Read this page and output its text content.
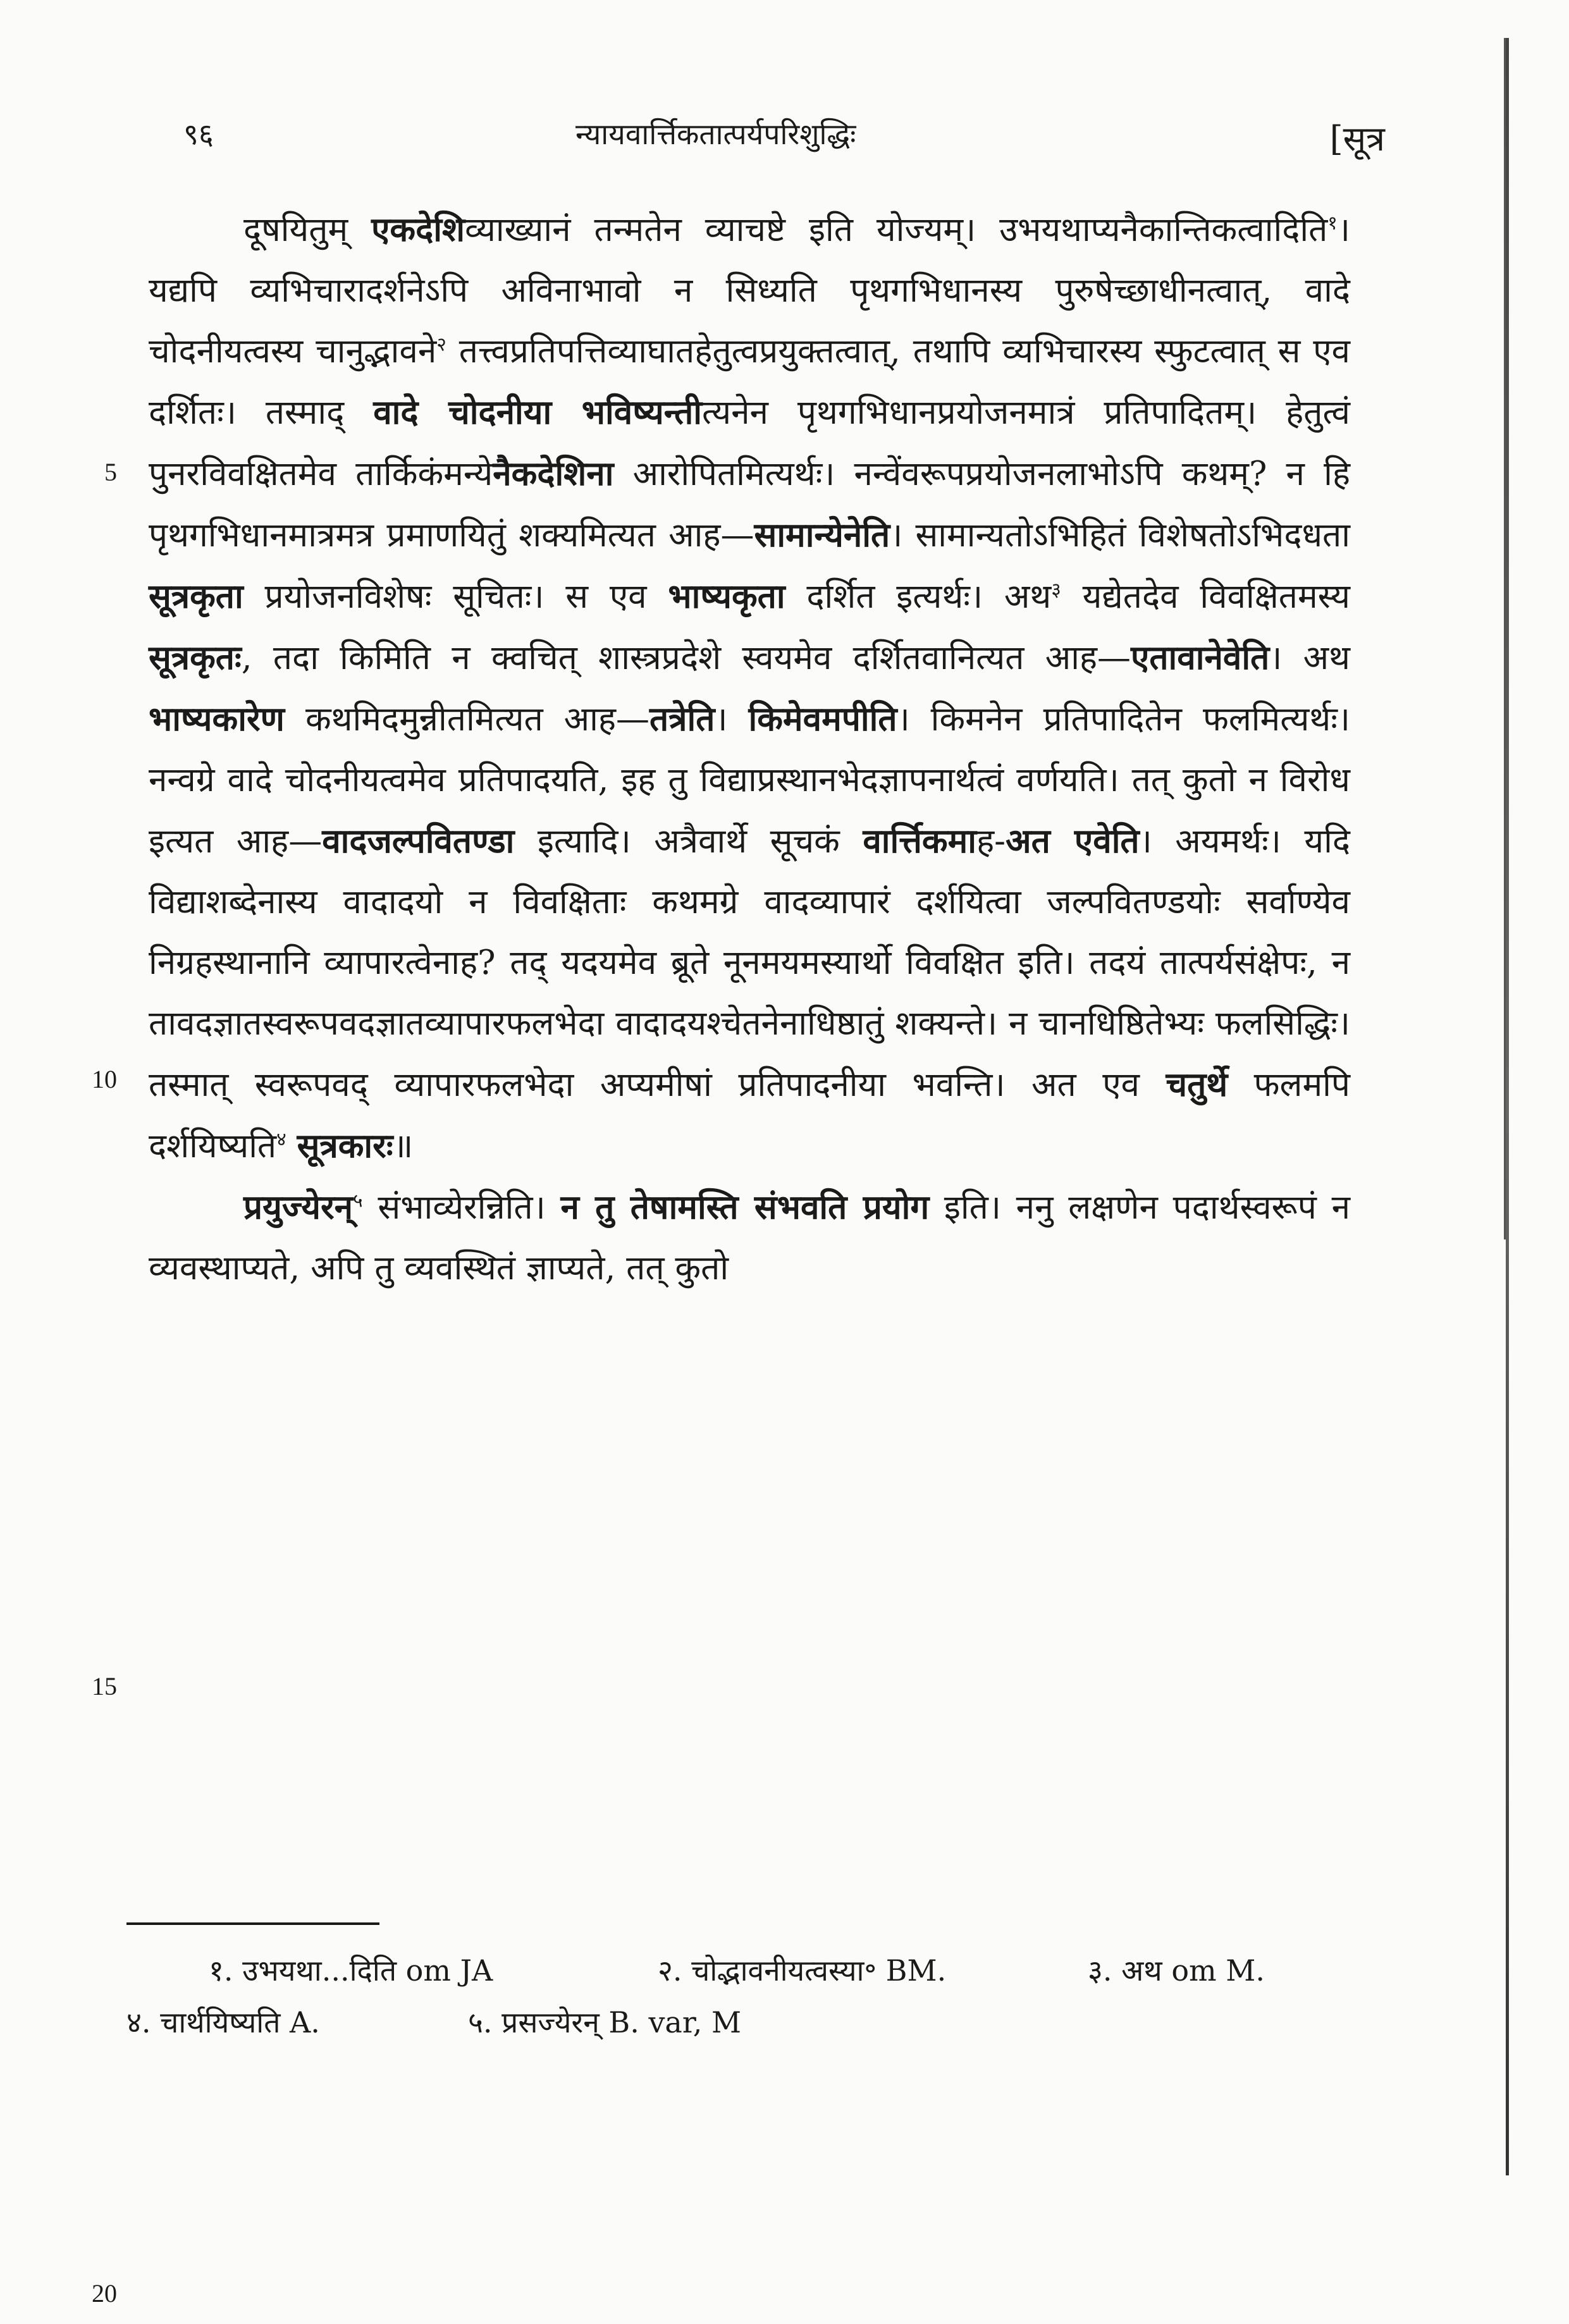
९६	न्यायवार्त्तिकतात्पर्यपरिशुद्धिः	[सूत्र
5
10
15
20

दूषयितुम् एकदेशिव्याख्यानं तन्मतेन व्याचष्टे इति योज्यम्। उभयथाप्यनैकान्तिकत्वादिति$^१$। यद्यपि व्यभिचारादर्शनेऽपि अविनाभावो न सिध्यति पृथगभिधानस्य पुरुषेच्छाधीनत्वात्, वादे चोदनीयत्वस्य चानुद्भावने$^२$ तत्त्वप्रतिपत्तिव्याघातहेतुत्वप्रयुक्तत्वात्, तथापि व्यभिचारस्य स्फुटत्वात् स एव दर्शितः। तस्माद् वादे चोदनीया भविष्यन्तीत्यनेन पृथगभिधानप्रयोजनमात्रं प्रतिपादितम्। हेतुत्वं पुनरविवक्षितमेव तार्किकंमन्येनैकदेशिना आरोपितमित्यर्थः। नन्वेंवरूपप्रयोजनलाभोऽपि कथम्? न हि पृथगभिधानमात्रमत्र प्रमाणयितुं शक्यमित्यत आह—सामान्येनेति। सामान्यतोऽभिहितं विशेषतोऽभिदधता सूत्रकृता प्रयोजनविशेषः सूचितः। स एव भाष्यकृता दर्शित इत्यर्थः। अथ$^३$ यद्येतदेव विवक्षितमस्य सूत्रकृतः, तदा किमिति न क्वचित् शास्त्रप्रदेशे स्वयमेव दर्शितवानित्यत आह—एतावानेवेति। अथ भाष्यकारेण कथमिदमुन्नीतमित्यत आह—तत्रेति। किमेवमपीति। किमनेन प्रतिपादितेन फलमित्यर्थः। नन्वग्रे वादे चोदनीयत्वमेव प्रतिपादयति, इह तु विद्याप्रस्थानभेदज्ञापनार्थत्वं वर्णयति। तत् कुतो न विरोध इत्यत आह—वादजल्पवितण्डा इत्यादि। अत्रैवार्थे सूचकं वार्त्तिकमाह-अत एवेति। अयमर्थः। यदि विद्याशब्देनास्य वादादयो न विवक्षिताः कथमग्रे वादव्यापारं दर्शयित्वा जल्पवितण्डयोः सर्वाण्येव निग्रहस्थानानि व्यापारत्वेनाह? तद् यदयमेव ब्रूते नूनमयमस्यार्थो विवक्षित इति। तदयं तात्पर्यसंक्षेपः, न तावदज्ञातस्वरूपवदज्ञातव्यापारफलभेदा वादादयश्चेतनेनाधिष्ठातुं शक्यन्ते। न चानधिष्ठितेभ्यः फलसिद्धिः। तस्मात् स्वरूपवद् व्यापारफलभेदा अप्यमीषां प्रतिपादनीया भवन्ति। अत एव चतुर्थे फलमपि दर्शयिष्यति$^४$ सूत्रकारः॥

प्रयुज्येरन्$^५$ संभाव्येरन्निति। न तु तेषामस्ति संभवति प्रयोग इति। ननु लक्षणेन पदार्थस्वरूपं न व्यवस्थाप्यते, अपि तु व्यवस्थितं ज्ञाप्यते, तत् कुतो

१. उभयथा...दिति om JA	२. चोद्भावनीयत्वस्या॰ BM.	३. अथ om M.
४. चार्थयिष्यति A.	५. प्रसज्येरन् B. var, M
